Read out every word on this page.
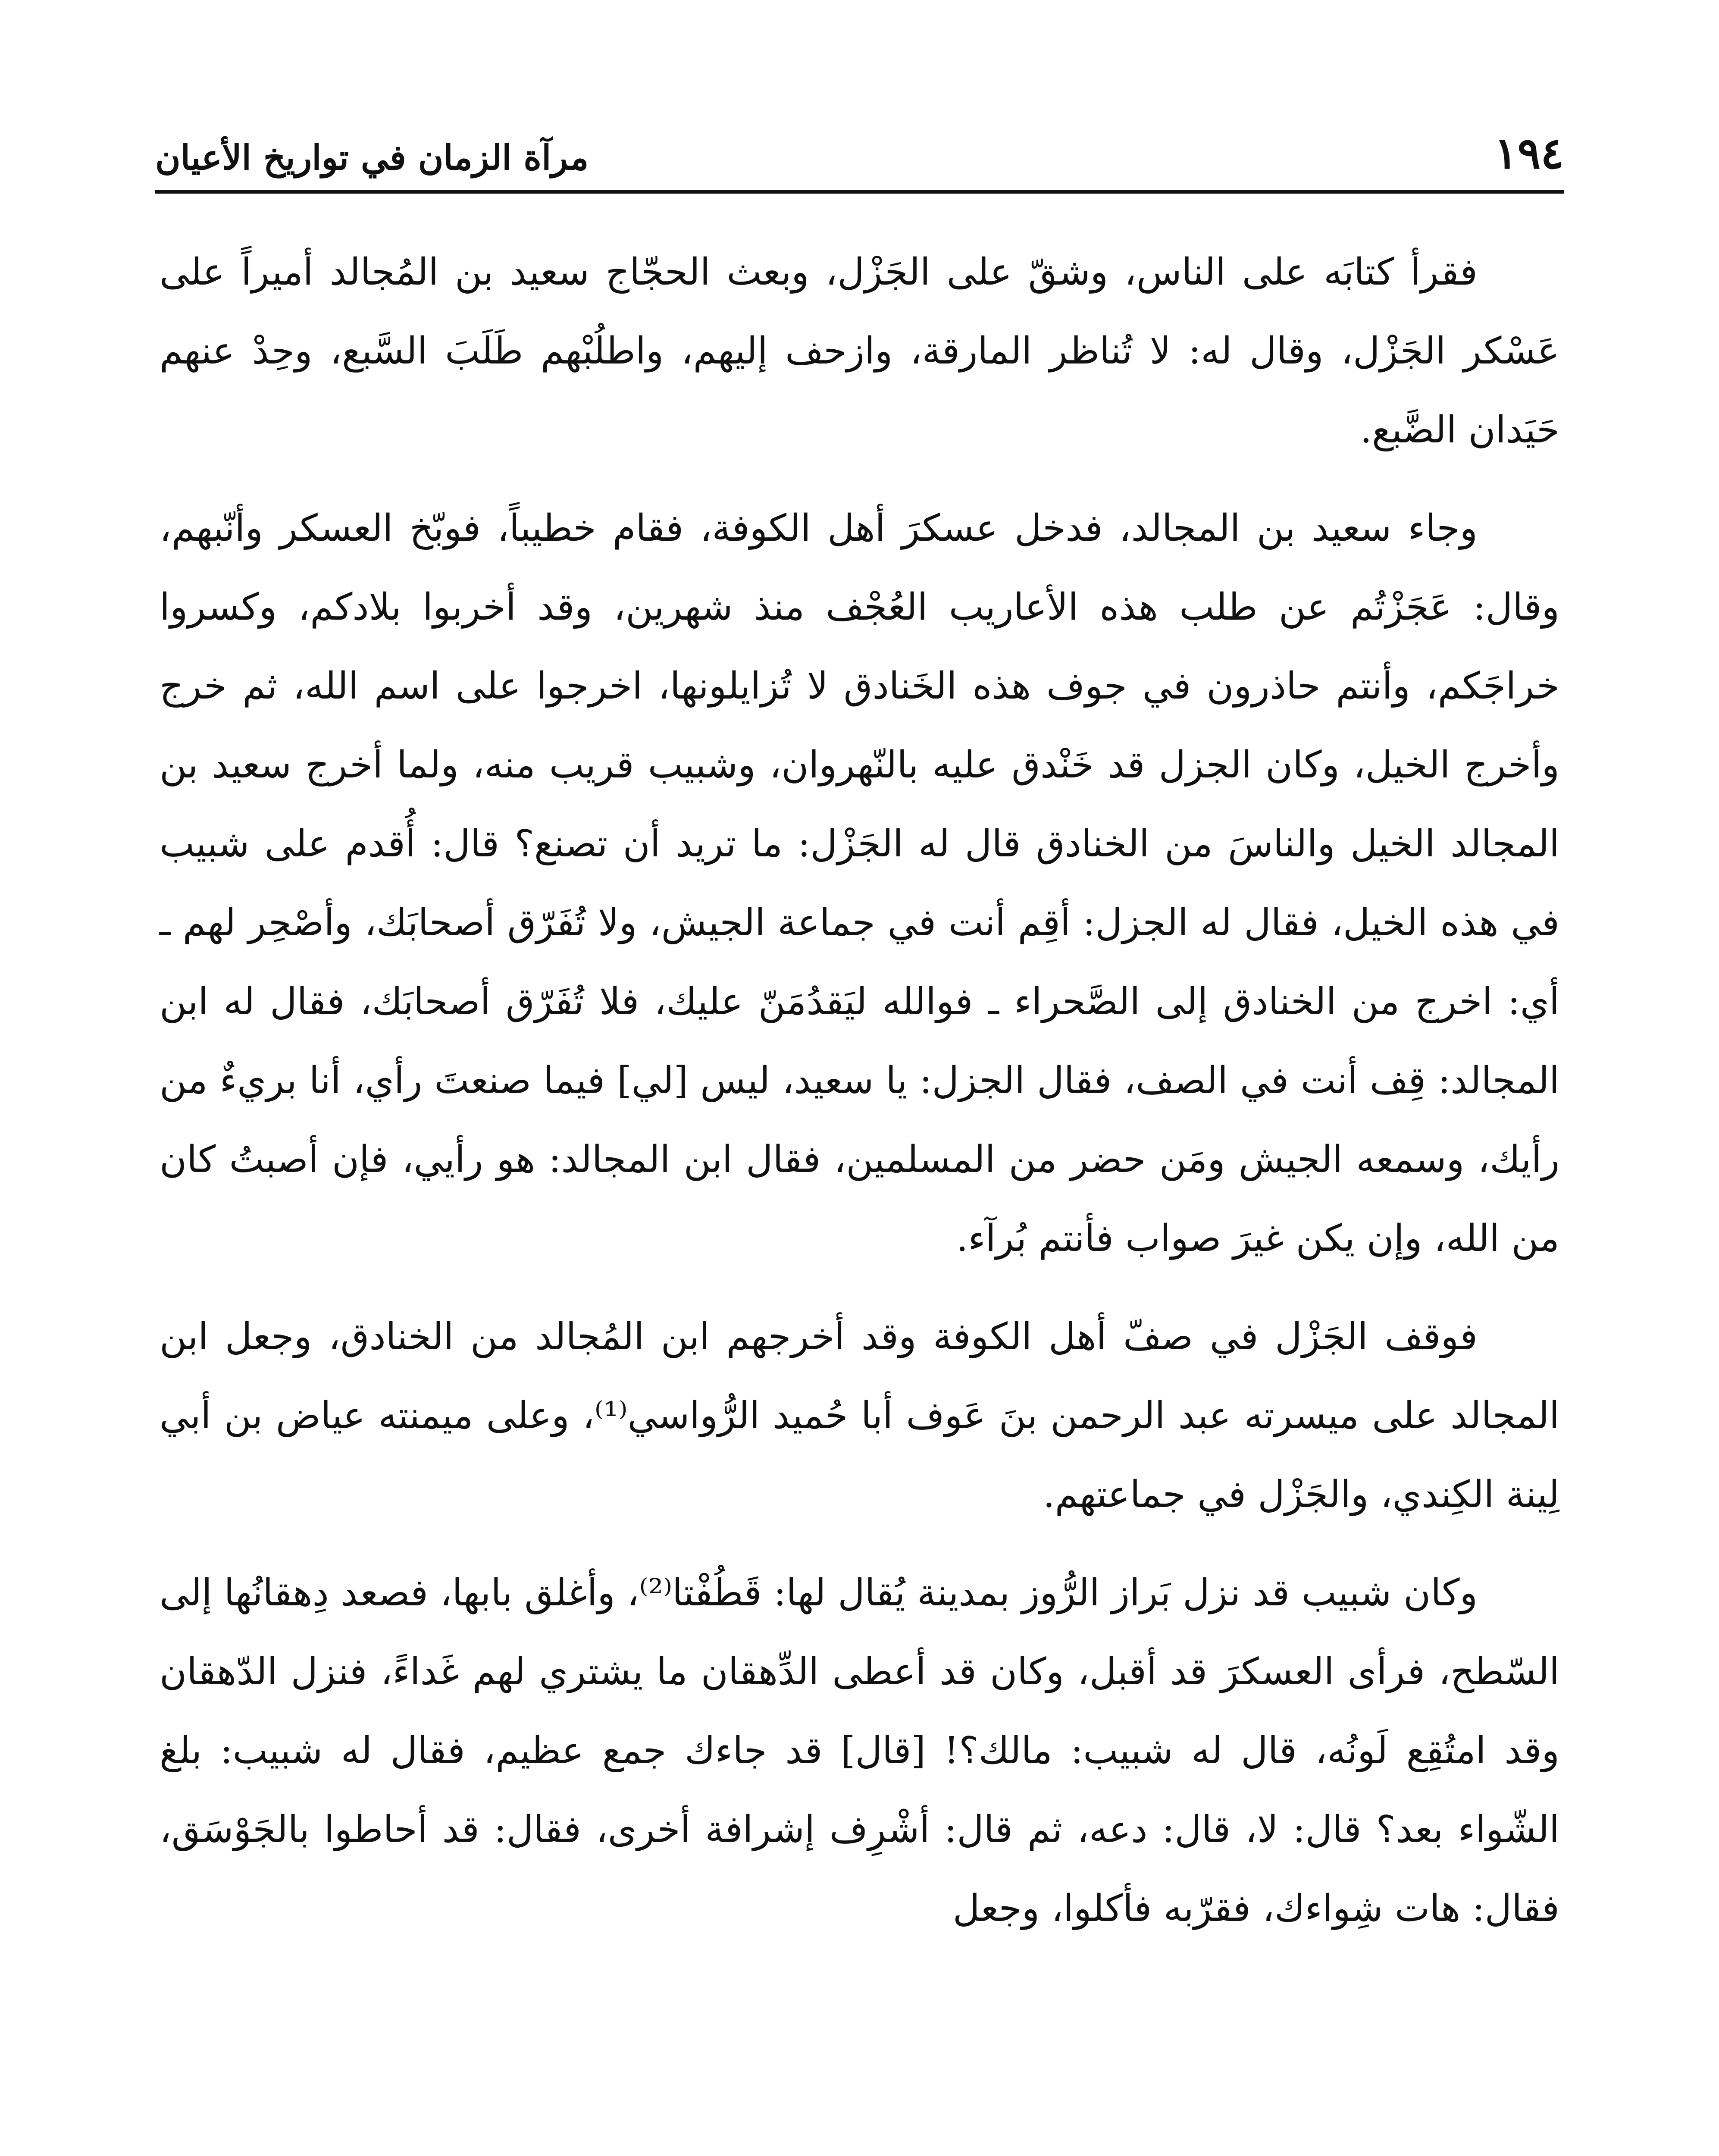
١٩٤
مرآة الزمان في تواريخ الأعيان

فقرأ كتابَه على الناس، وشقّ على الجَزْل، وبعث الحجّاج سعيد بن المُجالد أميراً على عَسْكر الجَزْل، وقال له: لا تُناظر المارقة، وازحف إليهم، واطلُبْهم طَلَبَ السَّبع، وحِدْ عنهم حَيَدان الضَّبع.

وجاء سعيد بن المجالد، فدخل عسكرَ أهل الكوفة، فقام خطيباً، فوبّخ العسكر وأنّبهم، وقال: عَجَزْتُم عن طلب هذه الأعاريب العُجْف منذ شهرين، وقد أخربوا بلادكم، وكسروا خراجَكم، وأنتم حاذرون في جوف هذه الخَنادق لا تُزايلونها، اخرجوا على اسم الله، ثم خرج وأخرج الخيل، وكان الجزل قد خَنْدق عليه بالنّهروان، وشبيب قريب منه، ولما أخرج سعيد بن المجالد الخيل والناسَ من الخنادق قال له الجَزْل: ما تريد أن تصنع؟ قال: أُقدم على شبيب في هذه الخيل، فقال له الجزل: أقِم أنت في جماعة الجيش، ولا تُفَرّق أصحابَك، وأصْحِر لهم ـ أي: اخرج من الخنادق إلى الصَّحراء ـ فوالله ليَقدُمَنّ عليك، فلا تُفَرّق أصحابَك، فقال له ابن المجالد: قِف أنت في الصف، فقال الجزل: يا سعيد، ليس [لي] فيما صنعتَ رأي، أنا بريءٌ من رأيك، وسمعه الجيش ومَن حضر من المسلمين، فقال ابن المجالد: هو رأيي، فإن أصبتُ كان من الله، وإن يكن غيرَ صواب فأنتم بُرآء.

فوقف الجَزْل في صفّ أهل الكوفة وقد أخرجهم ابن المُجالد من الخنادق، وجعل ابن المجالد على ميسرته عبد الرحمن بنَ عَوف أبا حُميد الرُّواسي⁽¹⁾، وعلى ميمنته عياض بن أبي لِينة الكِندي، والجَزْل في جماعتهم.

وكان شبيب قد نزل بَراز الرُّوز بمدينة يُقال لها: قَطُفْتا⁽²⁾، وأغلق بابها، فصعد دِهقانُها إلى السّطح، فرأى العسكرَ قد أقبل، وكان قد أعطى الدِّهقان ما يشتري لهم غَداءً، فنزل الدّهقان وقد امتُقِع لَونُه، قال له شبيب: مالك؟! [قال] قد جاءك جمع عظيم، فقال له شبيب: بلغ الشّواء بعد؟ قال: لا، قال: دعه، ثم قال: أشْرِف إشرافة أخرى، فقال: قد أحاطوا بالجَوْسَق، فقال: هات شِواءك، فقرّبه فأكلوا، وجعل
